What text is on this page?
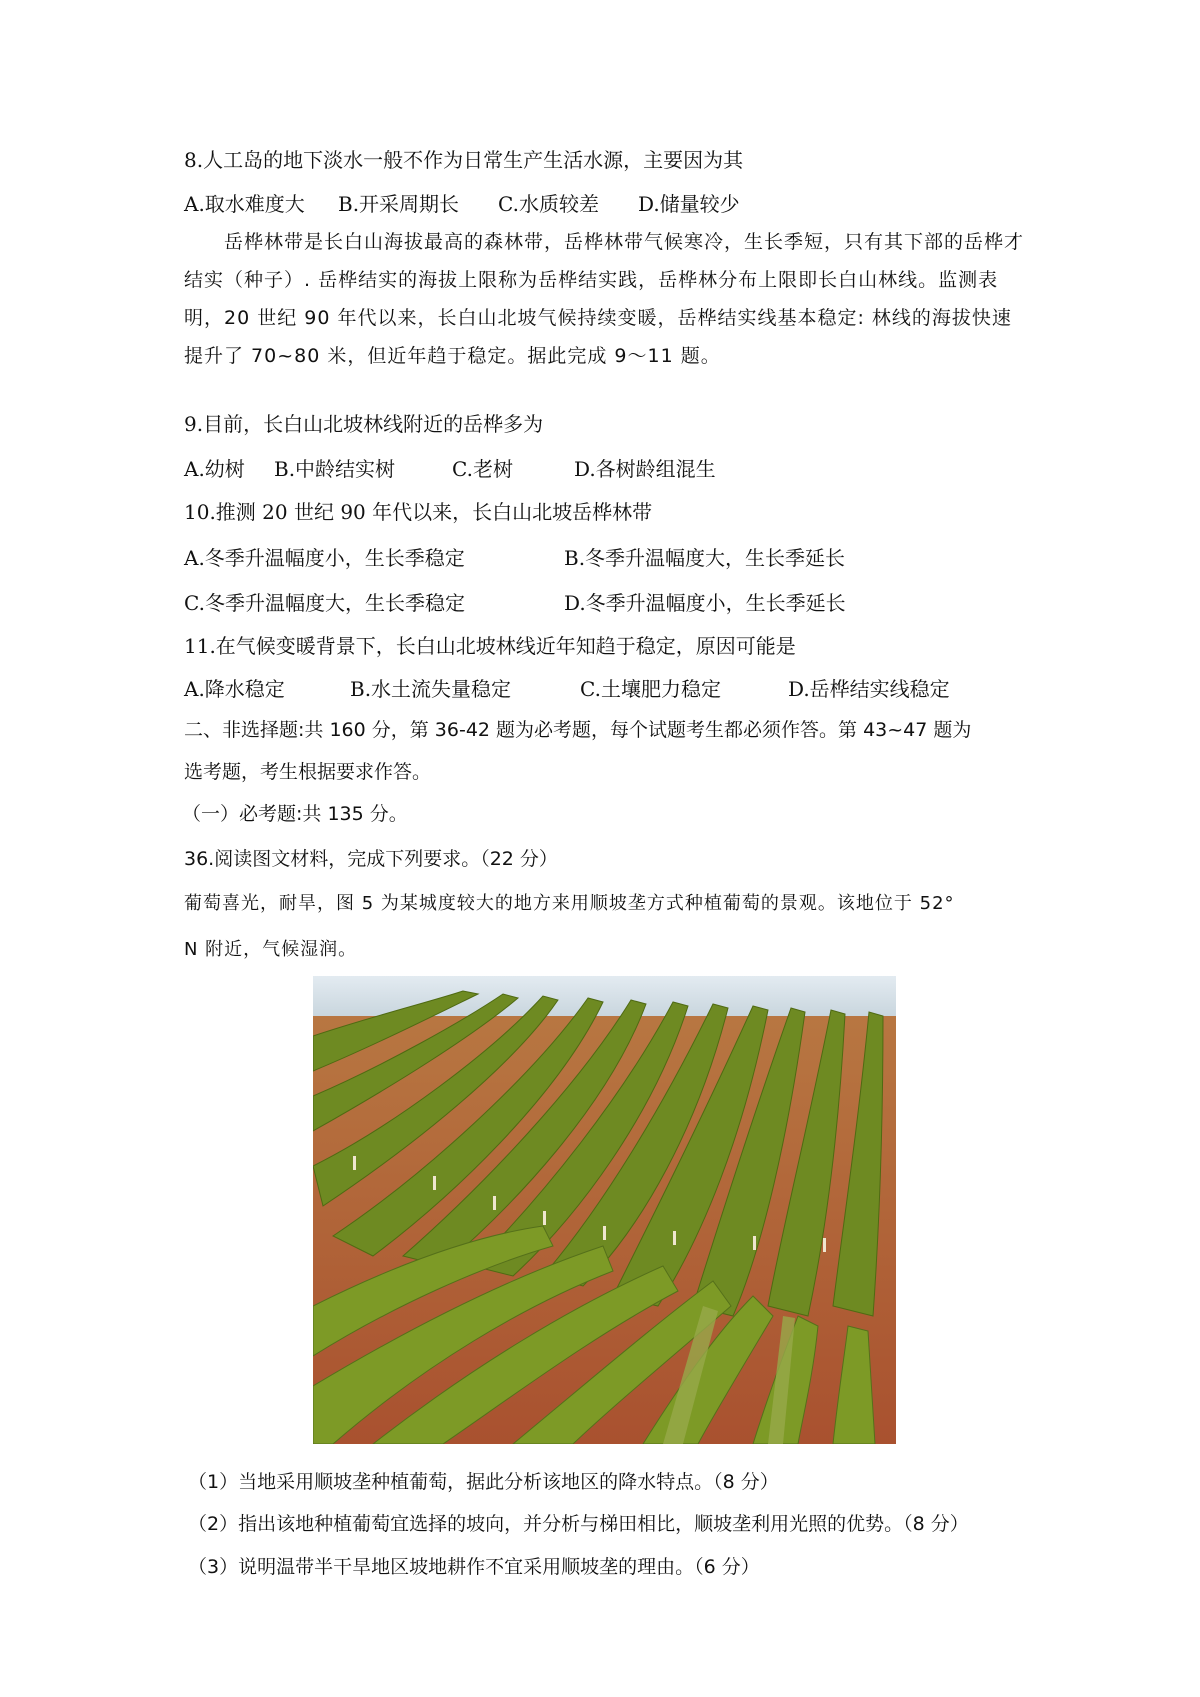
8.人工岛的地下淡水一般不作为日常生产生活水源，主要因为其
A.取水难度大 B.开采周期长 C.水质较差 D.储量较少
岳桦林带是长白山海拔最高的森林带，岳桦林带气候寒冷，生长季短，只有其下部的岳桦才
结实（种子）. 岳桦结实的海拔上限称为岳桦结实践，岳桦林分布上限即长白山林线。监测表
明，20 世纪 90 年代以来，长白山北坡气候持续变暖，岳桦结实线基本稳定: 林线的海拔快速
提升了 70~80 米，但近年趋于稳定。据此完成 9～11 题。
9.目前，长白山北坡林线附近的岳桦多为
A.幼树 B.中龄结实树	C.老树	D.各树龄组混生
10.推测 20 世纪 90 年代以来，长白山北坡岳桦林带
A.冬季升温幅度小，生长季稳定	B.冬季升温幅度大，生长季延长
C.冬季升温幅度大，生长季稳定	D.冬季升温幅度小，生长季延长
11.在气候变暖背景下，长白山北坡林线近年知趋于稳定，原因可能是
A.降水稳定	B.水土流失量稳定	C.土壤肥力稳定	D.岳桦结实线稳定
二、非选择题:共 160 分，第 36-42 题为必考题，每个试题考生都必须作答。第 43~47 题为
选考题，考生根据要求作答。
（一）必考题:共 135 分。
36.阅读图文材料，完成下列要求。（22 分）
葡萄喜光，耐旱，图 5 为某城度较大的地方来用顺坡垄方式种植葡萄的景观。该地位于 52°
N 附近，气候湿润。
（1）当地采用顺坡垄种植葡萄，据此分析该地区的降水特点。（8 分）
（2）指出该地种植葡萄宜选择的坡向，并分析与梯田相比，顺坡垄利用光照的优势。（8 分）
（3）说明温带半干旱地区坡地耕作不宜采用顺坡垄的理由。（6 分）
